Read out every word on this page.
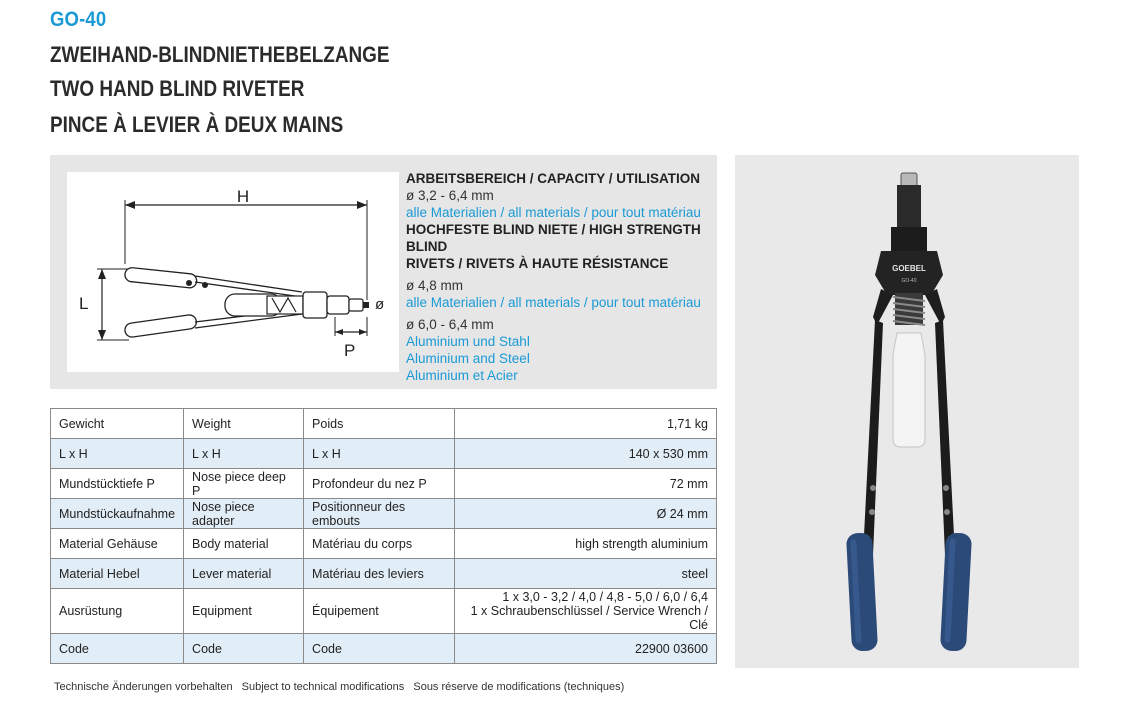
GO-40
ZWEIHAND-BLINDNIETHEBELZANGE
TWO HAND BLIND RIVETER
PINCE À LEVIER À DEUX MAINS
H
L	ø
P
ARBEITSBEREICH / CAPACITY / UTILISATION
ø 3,2 - 6,4 mm
alle Materialien / all materials / pour tout matériau
HOCHFESTE BLIND NIETE / HIGH STRENGTH BLIND
RIVETS / RIVETS À HAUTE RÉSISTANCE
ø 4,8 mm
alle Materialien / all materials / pour tout matériau
ø 6,0 - 6,4 mm
Aluminium und Stahl
Aluminium and Steel
Aluminium et Acier
Gewicht	Weight	Poids	1,71 kg
L x H	L x H	L x H	140 x 530 mm
Mundstücktiefe P	Nose piece deep P	Profondeur du nez P	72 mm
Mundstückaufnahme	Nose piece adapter	Positionneur des embouts	Ø 24 mm
Material Gehäuse	Body material	Matériau du corps	high strength aluminium
Material Hebel	Lever material	Matériau des leviers	steel
Ausrüstung	Equipment	Équipement	1 x 3,0 - 3,2 / 4,0 / 4,8 - 5,0 / 6,0 / 6,4
1 x Schraubenschlüssel / Service Wrench / Clé

Code	Code	Code	22900 03600
Technische Änderungen vorbehalten Subject to technical modifications Sous réserve de modifications (techniques)
GOEBEL
GO-40
